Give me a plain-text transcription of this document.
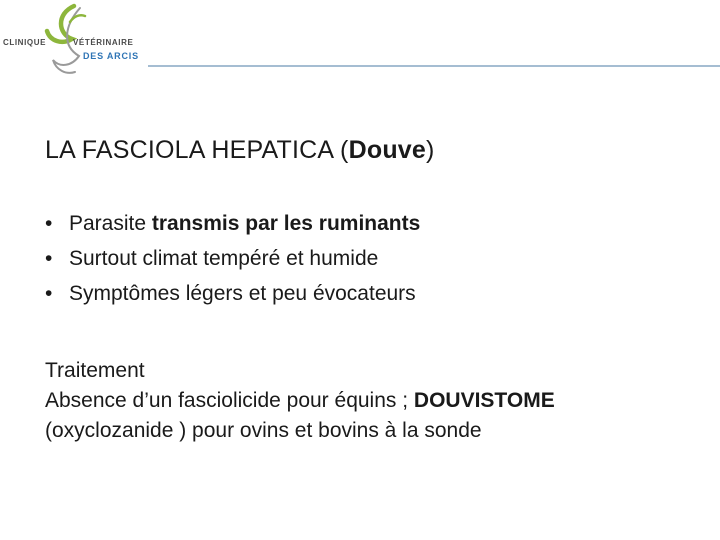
CLINIQUE	VÉTÉRINAIRE
DES ARCIS
LA FASCIOLA HEPATICA (Douve)
• Parasite transmis par les ruminants
• Surtout climat tempéré et humide
• Symptômes légers et peu évocateurs

Traitement

Absence d’un fasciolicide pour équins ; DOUVISTOME

(oxyclozanide ) pour ovins et bovins à la sonde
